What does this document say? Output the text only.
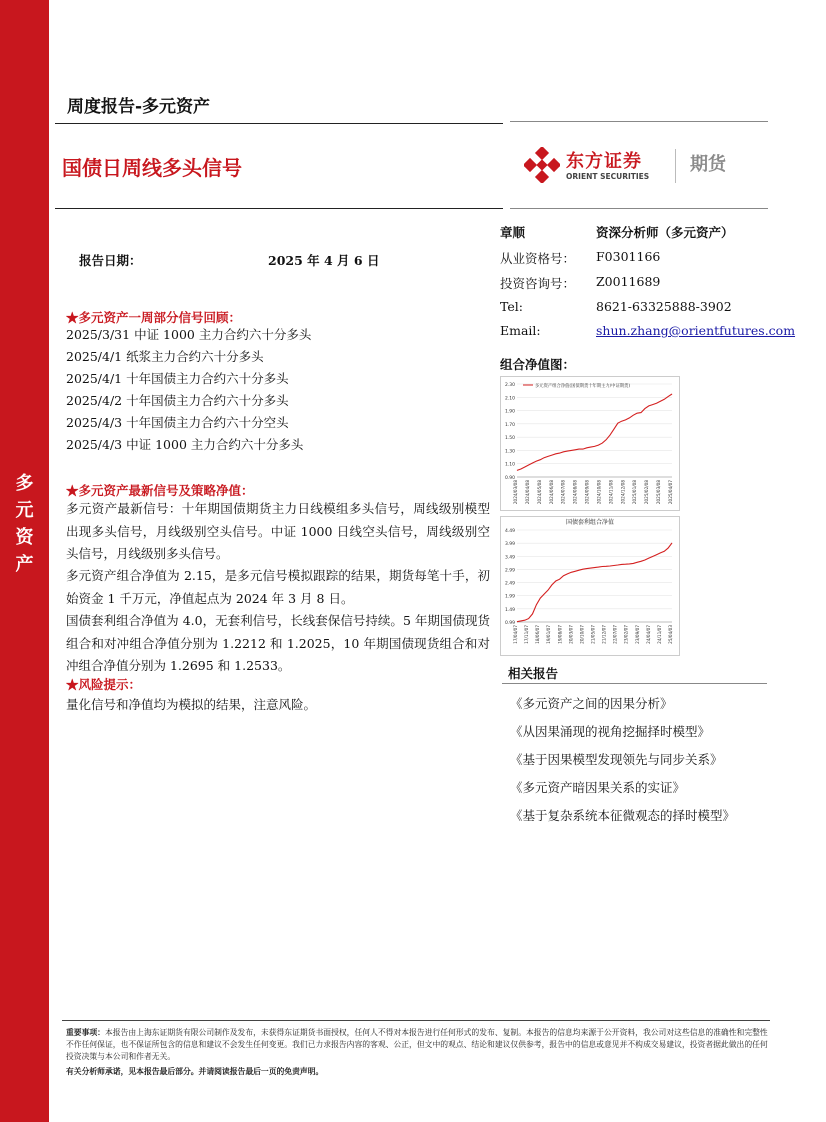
多
元
资
产
周度报告-多元资产
国债日周线多头信号	东方证券
ORIENT SECURITIES
期货
报告日期：	2025 年 4 月 6 日
★多元资产一周部分信号回顾：
2025/3/31 中证 1000 主力合约六十分多头
2025/4/1 纸浆主力合约六十分多头
2025/4/1 十年国债主力合约六十分多头
2025/4/2 十年国债主力合约六十分多头
2025/4/3 十年国债主力合约六十分空头
2025/4/3 中证 1000 主力合约六十分多头
★多元资产最新信号及策略净值：
多元资产最新信号：十年期国债期货主力日线模组多头信号，周线级别模型出现多头信号，月线级别空头信号。中证 1000 日线空头信号，周线级别空头信号，月线级别多头信号。
多元资产组合净值为 2.15，是多元信号模拟跟踪的结果，期货每笔十手，初始资金 1 千万元，净值起点为 2024 年 3 月 8 日。
国债套利组合净值为 4.0，无套利信号，长线套保信号持续。5 年期国债现货组合和对冲组合净值分别为 1.2212 和 1.2025，10 年期国债现货组合和对冲组合净值分别为 1.2695 和 1.2533。
★风险提示：
量化信号和净值均为模拟的结果，注意风险。
章顺	资深分析师（多元资产）
从业资格号： F0301166
投资咨询号： Z0011689
Tel:	8621-63325888-3902
Email:	shun.zhang@orientfutures.com
组合净值图：
0.90
1.10
1.30
1.50
1.70
1.90
2.10
2.30
2024/03/08 2024/04/08 2024/05/08 2024/06/08 2024/07/08 2024/08/08 2024/09/08 2024/10/08 2024/11/08 2024/12/08 2025/01/08 2025/02/08 2025/03/08 2025/04/07
多元资产组合净值(国债期货十年期主力/中证期货)
0.99
1.49
1.99
2.49
2.99
3.49
3.99
4.49
17/04/07 17/11/07 18/06/07 19/01/07 19/08/07 20/03/07 20/10/07 21/05/07 21/12/07 22/07/07 23/02/07 23/09/07 24/04/07 24/11/07 25/04/03
国债套利组合净值
相关报告
《多元资产之间的因果分析》
《从因果涌现的视角挖掘择时模型》
《基于因果模型发现领先与同步关系》
《多元资产暗因果关系的实证》
《基于复杂系统本征微观态的择时模型》
重要事项：本报告由上海东证期货有限公司制作及发布，未获得东证期货书面授权，任何人不得对本报告进行任何形式的发布、复制。本报告的信息均来源于公开资料，我公司对这些信息的准确性和完整性不作任何保证，也不保证所包含的信息和建议不会发生任何变更。我们已力求报告内容的客观、公正，但文中的观点、结论和建议仅供参考，报告中的信息或意见并不构成交易建议，投资者据此做出的任何投资决策与本公司和作者无关。
有关分析师承诺，见本报告最后部分。并请阅读报告最后一页的免责声明。
